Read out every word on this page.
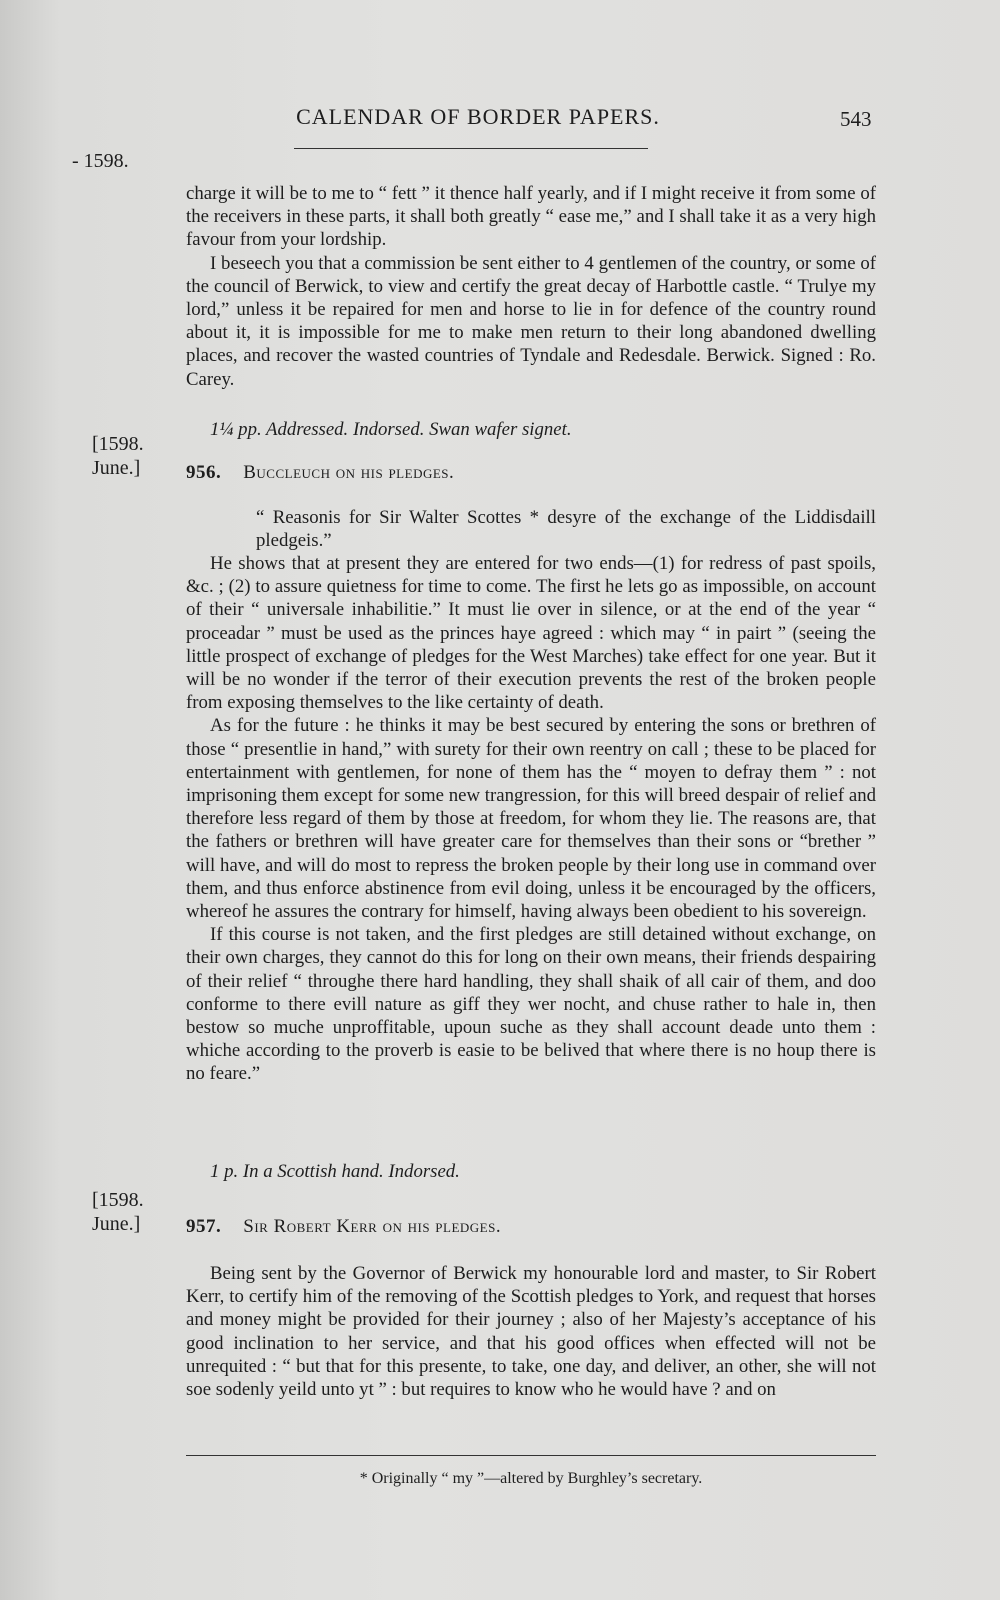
CALENDAR OF BORDER PAPERS.	543
- 1598.
charge it will be to me to “ fett ” it thence half yearly, and if I might receive it from some of the receivers in these parts, it shall both greatly “ ease me,” and I shall take it as a very high favour from your lordship.
I beseech you that a commission be sent either to 4 gentlemen of the country, or some of the council of Berwick, to view and certify the great decay of Harbottle castle. “ Trulye my lord,” unless it be repaired for men and horse to lie in for defence of the country round about it, it is impossible for me to make men return to their long abandoned dwelling places, and recover the wasted countries of Tyndale and Redesdale. Berwick. Signed : Ro. Carey.
1¼ pp. Addressed. Indorsed. Swan wafer signet.
[1598.
June.] 956. Buccleuch on his pledges.
“ Reasonis for Sir Walter Scottes * desyre of the exchange of the Liddisdaill pledgeis.”
He shows that at present they are entered for two ends—(1) for redress of past spoils, &c. ; (2) to assure quietness for time to come. The first he lets go as impossible, on account of their “ universale inhabilitie.” It must lie over in silence, or at the end of the year “ proceadar ” must be used as the princes haye agreed : which may “ in pairt ” (seeing the little prospect of exchange of pledges for the West Marches) take effect for one year. But it will be no wonder if the terror of their execution prevents the rest of the broken people from exposing themselves to the like certainty of death.
As for the future : he thinks it may be best secured by entering the sons or brethren of those “ presentlie in hand,” with surety for their own reentry on call ; these to be placed for entertainment with gentlemen, for none of them has the “ moyen to defray them ” : not imprisoning them except for some new trangression, for this will breed despair of relief and therefore less regard of them by those at freedom, for whom they lie. The reasons are, that the fathers or brethren will have greater care for themselves than their sons or “brether ” will have, and will do most to repress the broken people by their long use in command over them, and thus enforce abstinence from evil doing, unless it be encouraged by the officers, whereof he assures the contrary for himself, having always been obedient to his sovereign.
If this course is not taken, and the first pledges are still detained without exchange, on their own charges, they cannot do this for long on their own means, their friends despairing of their relief “ throughe there hard handling, they shall shaik of all cair of them, and doo conforme to there evill nature as giff they wer nocht, and chuse rather to hale in, then bestow so muche unproffitable, upoun suche as they shall account deade unto them : whiche according to the proverb is easie to be belived that where there is no houp there is no feare.”
1 p. In a Scottish hand. Indorsed.
[1598.
June.] 957. Sir Robert Kerr on his pledges.
Being sent by the Governor of Berwick my honourable lord and master, to Sir Robert Kerr, to certify him of the removing of the Scottish pledges to York, and request that horses and money might be provided for their journey ; also of her Majesty’s acceptance of his good inclination to her service, and that his good offices when effected will not be unrequited : “ but that for this presente, to take, one day, and deliver, an other, she will not soe sodenly yeild unto yt ” : but requires to know who he would have ? and on
* Originally “ my ”—altered by Burghley’s secretary.
